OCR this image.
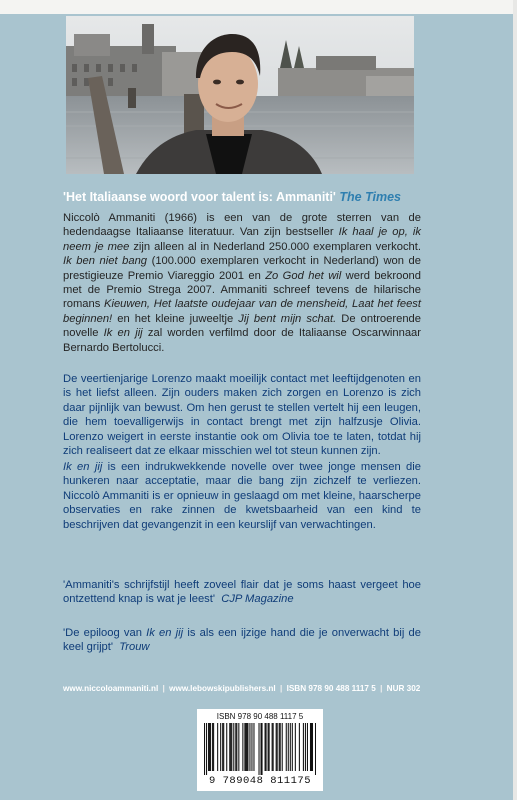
'Het Italiaanse woord voor talent is: Ammaniti' The Times
Niccolò Ammaniti (1966) is een van de grote sterren van de hedendaagse Italiaanse literatuur. Van zijn bestseller Ik haal je op, ik neem je mee zijn alleen al in Nederland 250.000 exemplaren verkocht. Ik ben niet bang (100.000 exemplaren verkocht in Nederland) won de prestigieuze Premio Viareggio 2001 en Zo God het wil werd bekroond met de Premio Strega 2007. Ammaniti schreef tevens de hilarische romans Kieuwen, Het laatste oudejaar van de mensheid, Laat het feest beginnen! en het kleine juweeltje Jij bent mijn schat. De ontroerende novelle Ik en jij zal worden verfilmd door de Italiaanse Oscarwinnaar Bernardo Bertolucci.

De veertienjarige Lorenzo maakt moeilijk contact met leeftijdgenoten en is het liefst alleen. Zijn ouders maken zich zorgen en Lorenzo is zich daar pijnlijk van bewust. Om hen gerust te stellen vertelt hij een leugen, die hem toevalligerwijs in contact brengt met zijn halfzusje Olivia. Lorenzo weigert in eerste instantie ook om Olivia toe te laten, totdat hij zich realiseert dat ze elkaar misschien wel tot steun kunnen zijn.

Ik en jij is een indrukwekkende novelle over twee jonge mensen die hunkeren naar acceptatie, maar die bang zijn zichzelf te verliezen. Niccolò Ammaniti is er opnieuw in geslaagd om met kleine, haarscherpe observaties en rake zinnen de kwetsbaarheid van een kind te beschrijven dat gevangenzit in een keurslijf van verwachtingen.

'Ammaniti's schrijfstijl heeft zoveel flair dat je soms haast vergeet hoe ontzettend knap is wat je leest' CJP Magazine

'De epiloog van Ik en jij is als een ijzige hand die je onverwacht bij de keel grijpt' Trouw

www.niccoloammaniti.nl | www.lebowskipublishers.nl | ISBN 978 90 488 1117 5 | NUR 302
ISBN 978 90 488 1117 5
9 789048 811175
